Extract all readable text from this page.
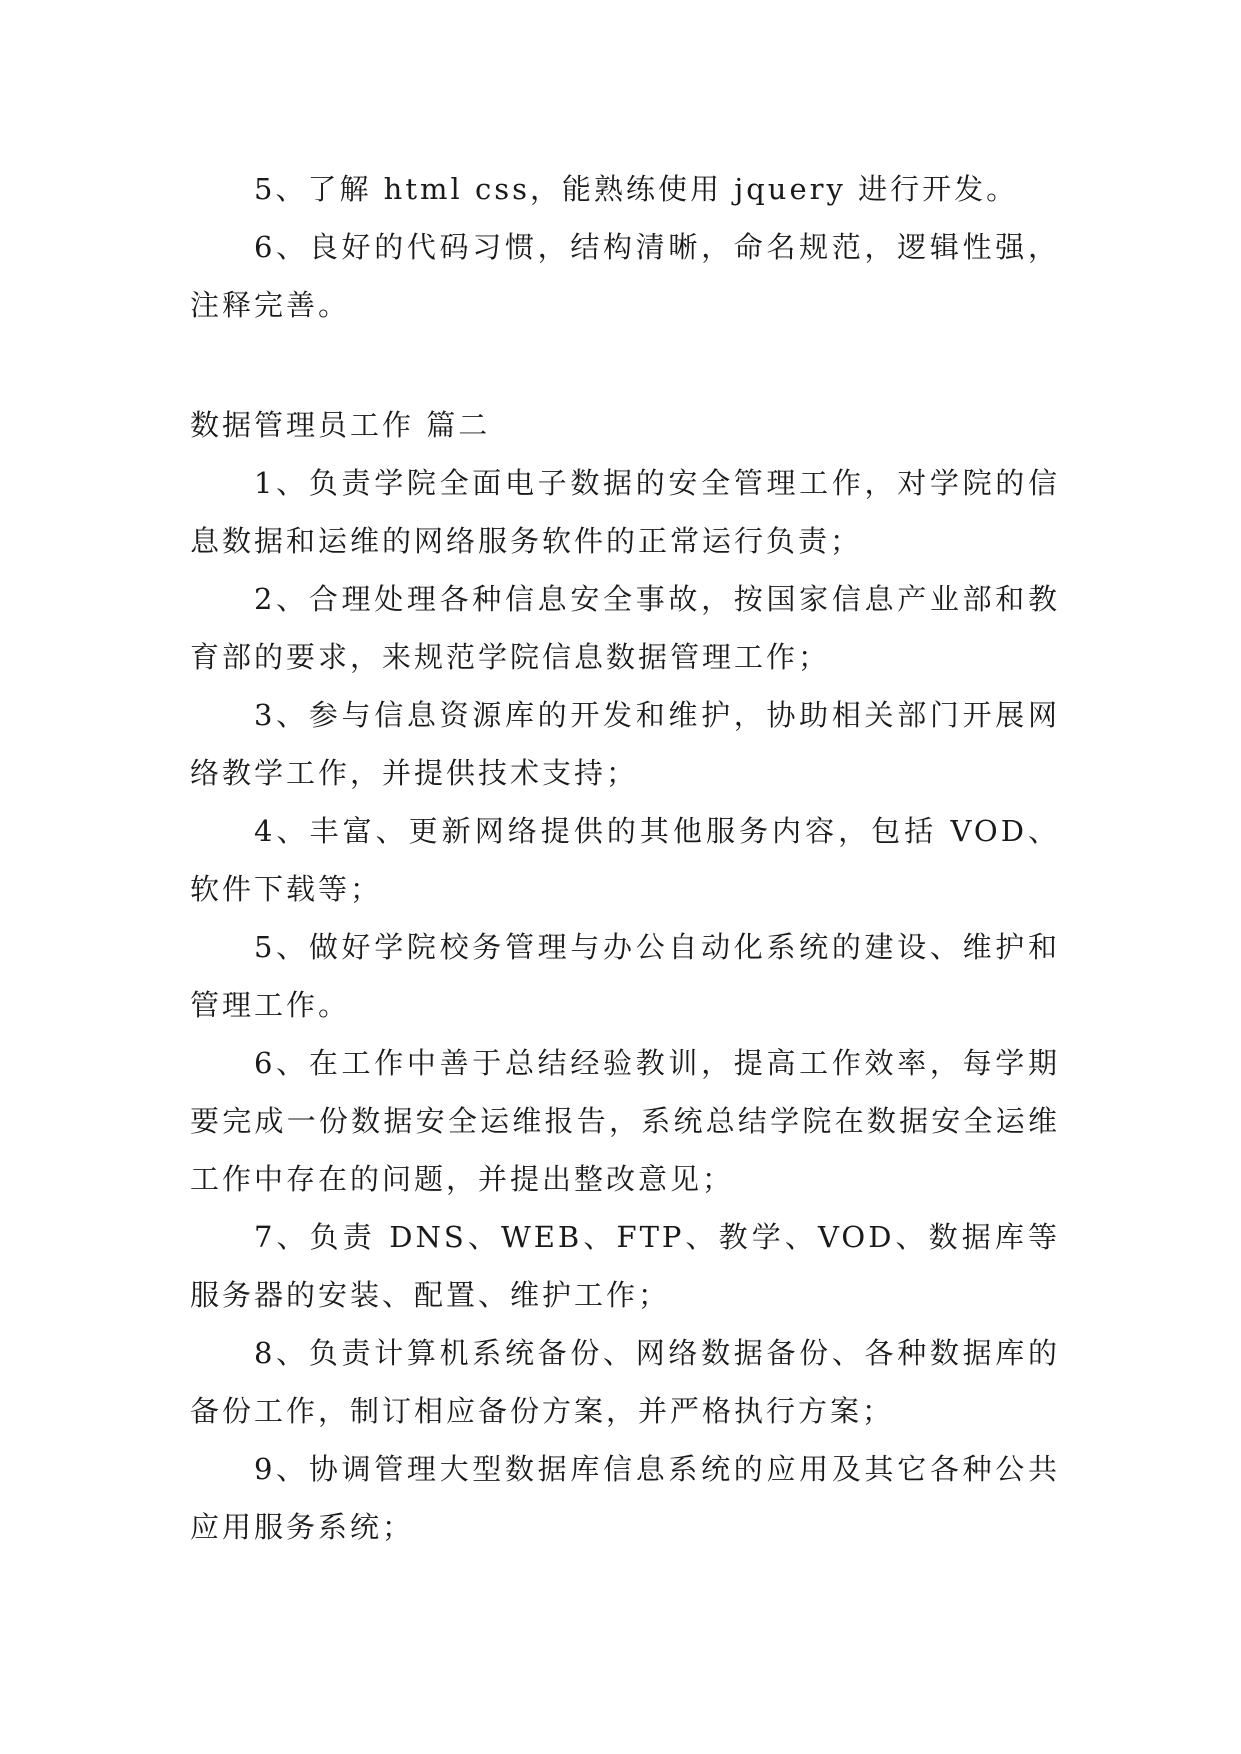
5、了解 html css，能熟练使用 jquery 进行开发。

6、良好的代码习惯，结构清晰，命名规范，逻辑性强，注释完善。

数据管理员工作 篇二

1、负责学院全面电子数据的安全管理工作，对学院的信息数据和运维的网络服务软件的正常运行负责；

2、合理处理各种信息安全事故，按国家信息产业部和教育部的要求，来规范学院信息数据管理工作；

3、参与信息资源库的开发和维护，协助相关部门开展网络教学工作，并提供技术支持；

4、丰富、更新网络提供的其他服务内容，包括 VOD、软件下载等；

5、做好学院校务管理与办公自动化系统的建设、维护和管理工作。

6、在工作中善于总结经验教训，提高工作效率，每学期要完成一份数据安全运维报告，系统总结学院在数据安全运维工作中存在的问题，并提出整改意见；

7、负责 DNS、WEB、FTP、教学、VOD、数据库等服务器的安装、配置、维护工作；

8、负责计算机系统备份、网络数据备份、各种数据库的备份工作，制订相应备份方案，并严格执行方案；

9、协调管理大型数据库信息系统的应用及其它各种公共应用服务系统；
